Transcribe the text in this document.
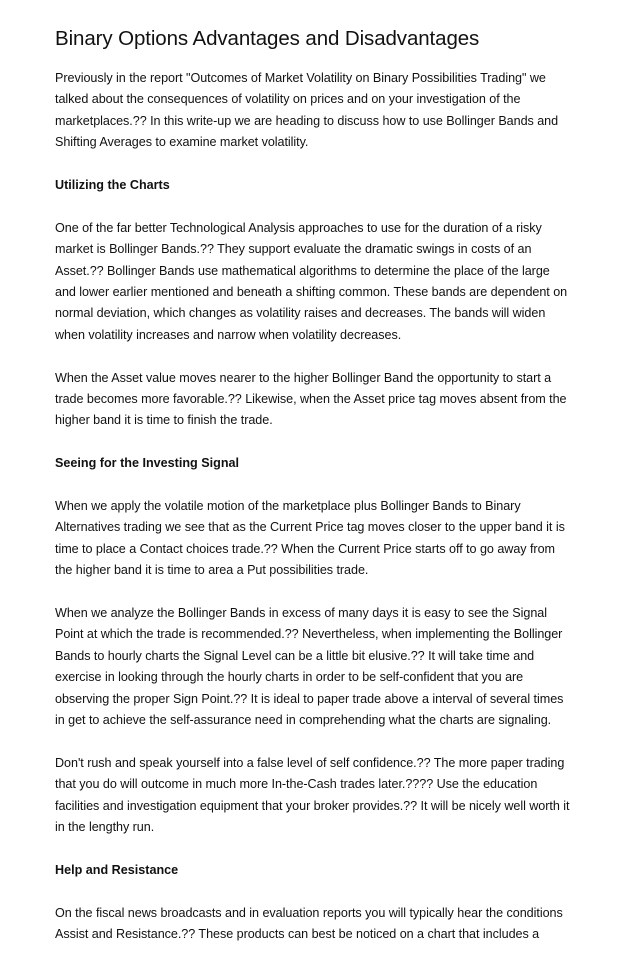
Binary Options Advantages and Disadvantages
Previously in the report "Outcomes of Market Volatility on Binary Possibilities Trading" we
talked about the consequences of volatility on prices and on your investigation of the
marketplaces.?? In this write-up we are heading to discuss how to use Bollinger Bands and
Shifting Averages to examine market volatility.
Utilizing the Charts
One of the far better Technological Analysis approaches to use for the duration of a risky
market is Bollinger Bands.?? They support evaluate the dramatic swings in costs of an
Asset.?? Bollinger Bands use mathematical algorithms to determine the place of the large
and lower earlier mentioned and beneath a shifting common. These bands are dependent on
normal deviation, which changes as volatility raises and decreases. The bands will widen
when volatility increases and narrow when volatility decreases.
When the Asset value moves nearer to the higher Bollinger Band the opportunity to start a
trade becomes more favorable.?? Likewise, when the Asset price tag moves absent from the
higher band it is time to finish the trade.
Seeing for the Investing Signal
When we apply the volatile motion of the marketplace plus Bollinger Bands to Binary
Alternatives trading we see that as the Current Price tag moves closer to the upper band it is
time to place a Contact choices trade.?? When the Current Price starts off to go away from
the higher band it is time to area a Put possibilities trade.
When we analyze the Bollinger Bands in excess of many days it is easy to see the Signal
Point at which the trade is recommended.?? Nevertheless, when implementing the Bollinger
Bands to hourly charts the Signal Level can be a little bit elusive.?? It will take time and
exercise in looking through the hourly charts in order to be self-confident that you are
observing the proper Sign Point.?? It is ideal to paper trade above a interval of several times
in get to achieve the self-assurance need in comprehending what the charts are signaling.
Don't rush and speak yourself into a false level of self confidence.?? The more paper trading
that you do will outcome in much more In-the-Cash trades later.???? Use the education
facilities and investigation equipment that your broker provides.?? It will be nicely well worth it
in the lengthy run.
Help and Resistance
On the fiscal news broadcasts and in evaluation reports you will typically hear the conditions
Assist and Resistance.?? These products can best be noticed on a chart that includes a
